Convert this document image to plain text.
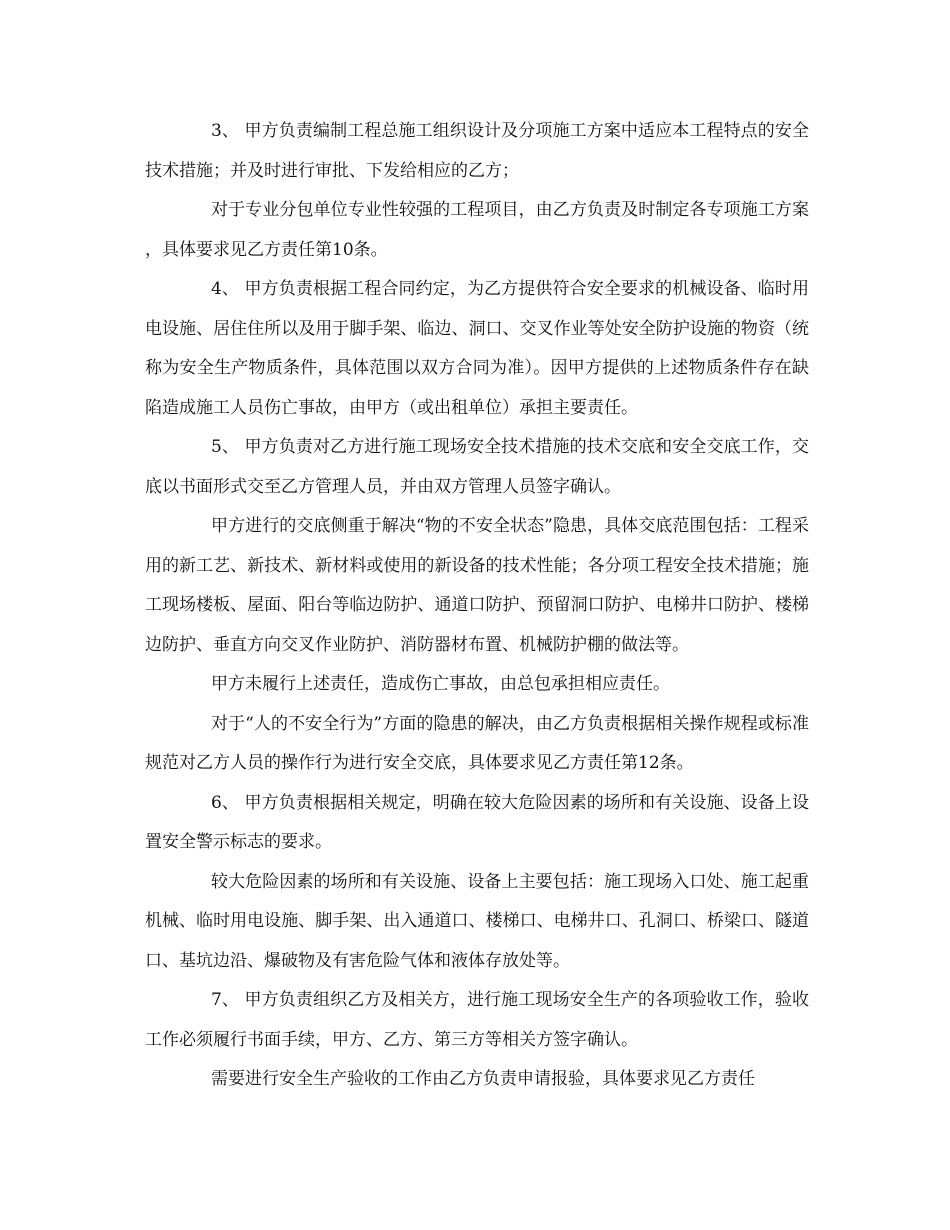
3、 甲方负责编制工程总施工组织设计及分项施工方案中适应本工程特点的安全技术措施；并及时进行审批、下发给相应的乙方；

对于专业分包单位专业性较强的工程项目，由乙方负责及时制定各专项施工方案，具体要求见乙方责任第10条。

4、 甲方负责根据工程合同约定，为乙方提供符合安全要求的机械设备、临时用电设施、居住住所以及用于脚手架、临边、洞口、交叉作业等处安全防护设施的物资（统称为安全生产物质条件，具体范围以双方合同为准）。因甲方提供的上述物质条件存在缺陷造成施工人员伤亡事故，由甲方（或出租单位）承担主要责任。

5、 甲方负责对乙方进行施工现场安全技术措施的技术交底和安全交底工作，交底以书面形式交至乙方管理人员，并由双方管理人员签字确认。

甲方进行的交底侧重于解决“物的不安全状态”隐患，具体交底范围包括：工程采用的新工艺、新技术、新材料或使用的新设备的技术性能；各分项工程安全技术措施；施工现场楼板、屋面、阳台等临边防护、通道口防护、预留洞口防护、电梯井口防护、楼梯边防护、垂直方向交叉作业防护、消防器材布置、机械防护棚的做法等。

甲方未履行上述责任，造成伤亡事故，由总包承担相应责任。

对于“人的不安全行为”方面的隐患的解决，由乙方负责根据相关操作规程或标准规范对乙方人员的操作行为进行安全交底，具体要求见乙方责任第12条。

6、 甲方负责根据相关规定，明确在较大危险因素的场所和有关设施、设备上设置安全警示标志的要求。

较大危险因素的场所和有关设施、设备上主要包括：施工现场入口处、施工起重机械、临时用电设施、脚手架、出入通道口、楼梯口、电梯井口、孔洞口、桥梁口、隧道口、基坑边沿、爆破物及有害危险气体和液体存放处等。

7、 甲方负责组织乙方及相关方，进行施工现场安全生产的各项验收工作，验收工作必须履行书面手续，甲方、乙方、第三方等相关方签字确认。

需要进行安全生产验收的工作由乙方负责申请报验，具体要求见乙方责任
